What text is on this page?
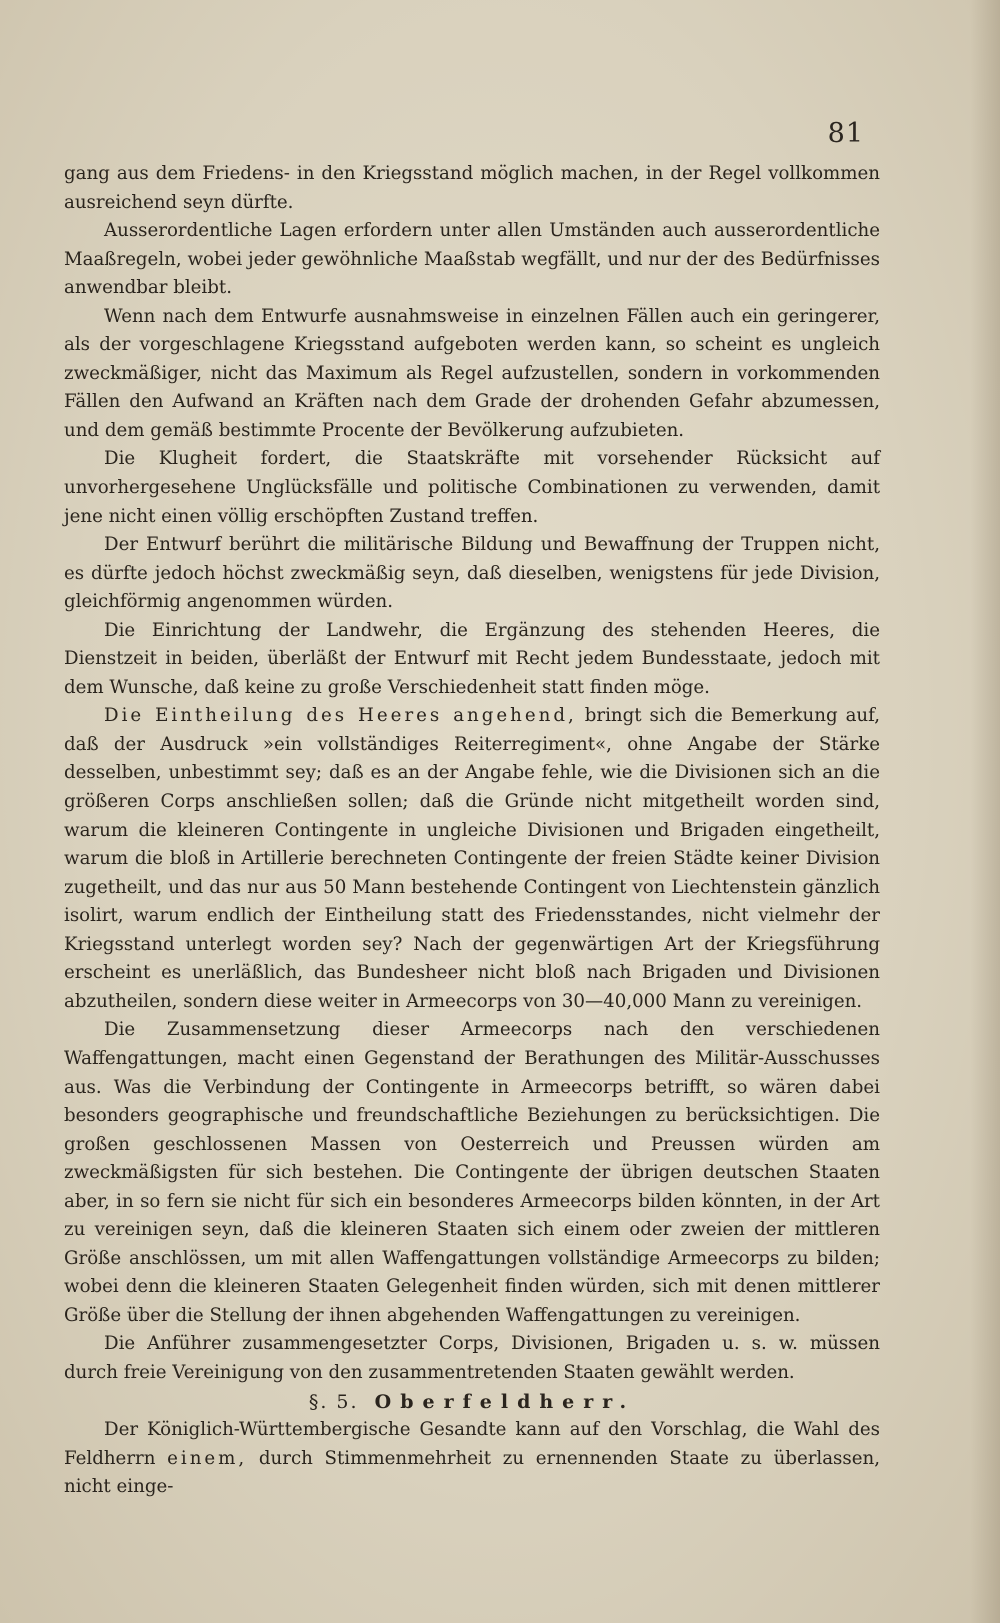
81

gang aus dem Friedens- in den Kriegsstand möglich machen, in der Regel vollkommen ausreichend seyn dürfte.

Ausserordentliche Lagen erfordern unter allen Umständen auch ausserordentliche Maaßregeln, wobei jeder gewöhnliche Maaßstab wegfällt, und nur der des Bedürfnisses anwendbar bleibt.

Wenn nach dem Entwurfe ausnahmsweise in einzelnen Fällen auch ein geringerer, als der vorgeschlagene Kriegsstand aufgeboten werden kann, so scheint es ungleich zweckmäßiger, nicht das Maximum als Regel aufzustellen, sondern in vorkommenden Fällen den Aufwand an Kräften nach dem Grade der drohenden Gefahr abzumessen, und dem gemäß bestimmte Procente der Bevölkerung aufzubieten.

Die Klugheit fordert, die Staatskräfte mit vorsehender Rücksicht auf unvorhergesehene Unglücksfälle und politische Combinationen zu verwenden, damit jene nicht einen völlig erschöpften Zustand treffen.

Der Entwurf berührt die militärische Bildung und Bewaffnung der Truppen nicht, es dürfte jedoch höchst zweckmäßig seyn, daß dieselben, wenigstens für jede Division, gleichförmig angenommen würden.

Die Einrichtung der Landwehr, die Ergänzung des stehenden Heeres, die Dienstzeit in beiden, überläßt der Entwurf mit Recht jedem Bundesstaate, jedoch mit dem Wunsche, daß keine zu große Verschiedenheit statt finden möge.

Die Eintheilung des Heeres angehend, bringt sich die Bemerkung auf, daß der Ausdruck »ein vollständiges Reiterregiment«, ohne Angabe der Stärke desselben, unbestimmt sey; daß es an der Angabe fehle, wie die Divisionen sich an die größeren Corps anschließen sollen; daß die Gründe nicht mitgetheilt worden sind, warum die kleineren Contingente in ungleiche Divisionen und Brigaden eingetheilt, warum die bloß in Artillerie berechneten Contingente der freien Städte keiner Division zugetheilt, und das nur aus 50 Mann bestehende Contingent von Liechtenstein gänzlich isolirt, warum endlich der Eintheilung statt des Friedensstandes, nicht vielmehr der Kriegsstand unterlegt worden sey? Nach der gegenwärtigen Art der Kriegsführung erscheint es unerläßlich, das Bundesheer nicht bloß nach Brigaden und Divisionen abzutheilen, sondern diese weiter in Armeecorps von 30—40,000 Mann zu vereinigen.

Die Zusammensetzung dieser Armeecorps nach den verschiedenen Waffengattungen, macht einen Gegenstand der Berathungen des Militär-Ausschusses aus. Was die Verbindung der Contingente in Armeecorps betrifft, so wären dabei besonders geographische und freundschaftliche Beziehungen zu berücksichtigen. Die großen geschlossenen Massen von Oesterreich und Preussen würden am zweckmäßigsten für sich bestehen. Die Contingente der übrigen deutschen Staaten aber, in so fern sie nicht für sich ein besonderes Armeecorps bilden könnten, in der Art zu vereinigen seyn, daß die kleineren Staaten sich einem oder zweien der mittleren Größe anschlössen, um mit allen Waffengattungen vollständige Armeecorps zu bilden; wobei denn die kleineren Staaten Gelegenheit finden würden, sich mit denen mittlerer Größe über die Stellung der ihnen abgehenden Waffengattungen zu vereinigen.

Die Anführer zusammengesetzter Corps, Divisionen, Brigaden u. s. w. müssen durch freie Vereinigung von den zusammentretenden Staaten gewählt werden.

§. 5. Oberfeldherr.

Der Königlich-Württembergische Gesandte kann auf den Vorschlag, die Wahl des Feldherrn einem, durch Stimmenmehrheit zu ernennenden Staate zu überlassen, nicht einge-
